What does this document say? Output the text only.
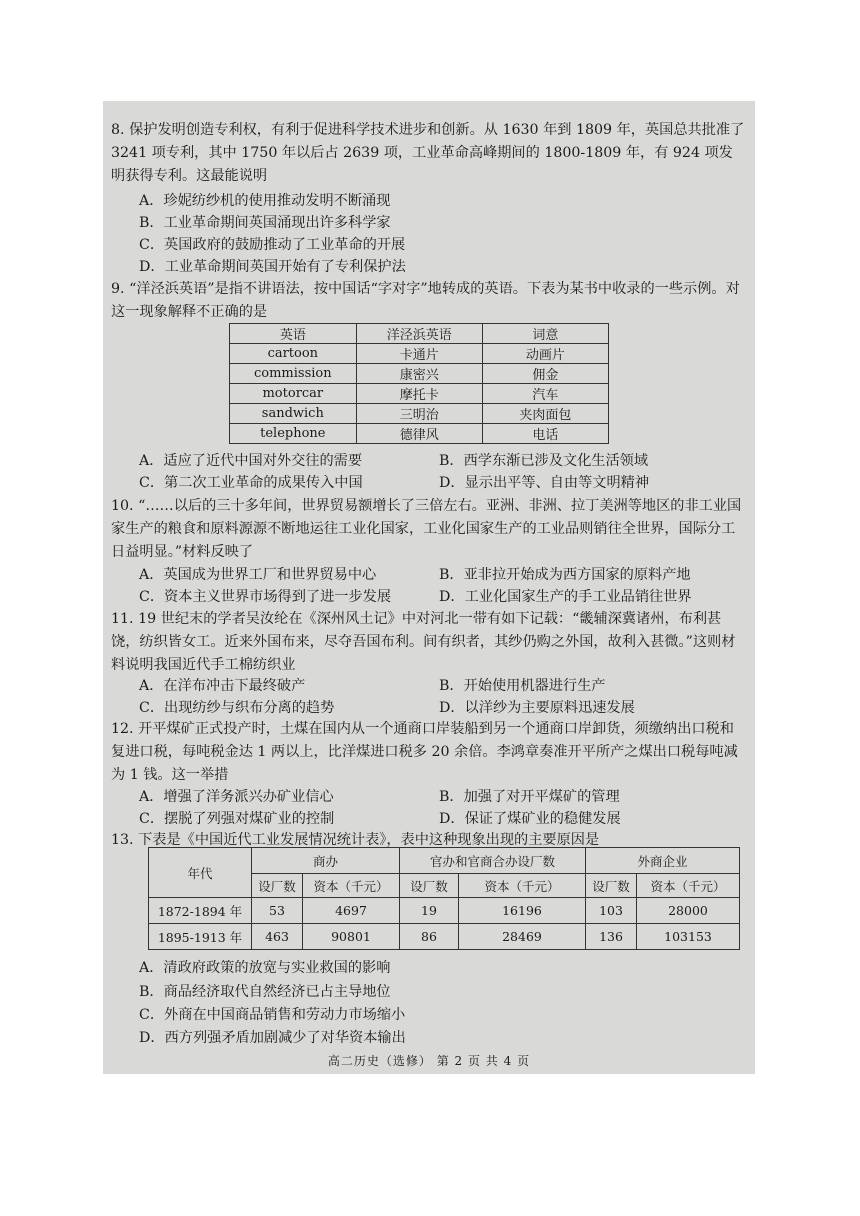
8. 保护发明创造专利权，有利于促进科学技术进步和创新。从 1630 年到 1809 年，英国总共批准了 3241 项专利，其中 1750 年以后占 2639 项，工业革命高峰期间的 1800-1809 年，有 924 项发明获得专利。这最能说明
A．珍妮纺纱机的使用推动发明不断涌现
B．工业革命期间英国涌现出许多科学家
C．英国政府的鼓励推动了工业革命的开展
D．工业革命期间英国开始有了专利保护法
9. “洋泾浜英语”是指不讲语法，按中国话“字对字”地转成的英语。下表为某书中收录的一些示例。对这一现象解释不正确的是
英语	洋泾浜英语	词意
cartoon	卡通片	动画片
commission	康密兴	佣金
motorcar	摩托卡	汽车
sandwich	三明治	夹肉面包
telephone	德律风	电话
A．适应了近代中国对外交往的需要	B．西学东渐已涉及文化生活领域
C．第二次工业革命的成果传入中国	D．显示出平等、自由等文明精神
10. “……以后的三十多年间，世界贸易额增长了三倍左右。亚洲、非洲、拉丁美洲等地区的非工业国家生产的粮食和原料源源不断地运往工业化国家，工业化国家生产的工业品则销往全世界，国际分工日益明显。”材料反映了
A．英国成为世界工厂和世界贸易中心	B．亚非拉开始成为西方国家的原料产地
C．资本主义世界市场得到了进一步发展	D．工业化国家生产的手工业品销往世界
11. 19 世纪末的学者吴汝纶在《深州风土记》中对河北一带有如下记载：“畿辅深冀诸州，布利甚饶，纺织皆女工。近来外国布来，尽夺吾国布利。间有织者，其纱仍购之外国，故利入甚微。”这则材料说明我国近代手工棉纺织业
A．在洋布冲击下最终破产	B．开始使用机器进行生产
C．出现纺纱与织布分离的趋势	D．以洋纱为主要原料迅速发展
12. 开平煤矿正式投产时，土煤在国内从一个通商口岸装船到另一个通商口岸卸货，须缴纳出口税和复进口税，每吨税金达 1 两以上，比洋煤进口税多 20 余倍。李鸿章奏准开平所产之煤出口税每吨减为 1 钱。这一举措
A．增强了洋务派兴办矿业信心	B．加强了对开平煤矿的管理
C．摆脱了列强对煤矿业的控制	D．保证了煤矿业的稳健发展
13. 下表是《中国近代工业发展情况统计表》，表中这种现象出现的主要原因是
年代	商办		官办和官商合办设厂数		外商企业	
	设厂数	资本（千元）	设厂数	资本（千元）	设厂数	资本（千元）
1872-1894 年	53	4697	19	16196	103	28000
1895-1913 年	463	90801	86	28469	136	103153
A．清政府政策的放宽与实业救国的影响
B．商品经济取代自然经济已占主导地位
C．外商在中国商品销售和劳动力市场缩小
D．西方列强矛盾加剧减少了对华资本输出
高二历史（选修） 第 2 页 共 4 页
